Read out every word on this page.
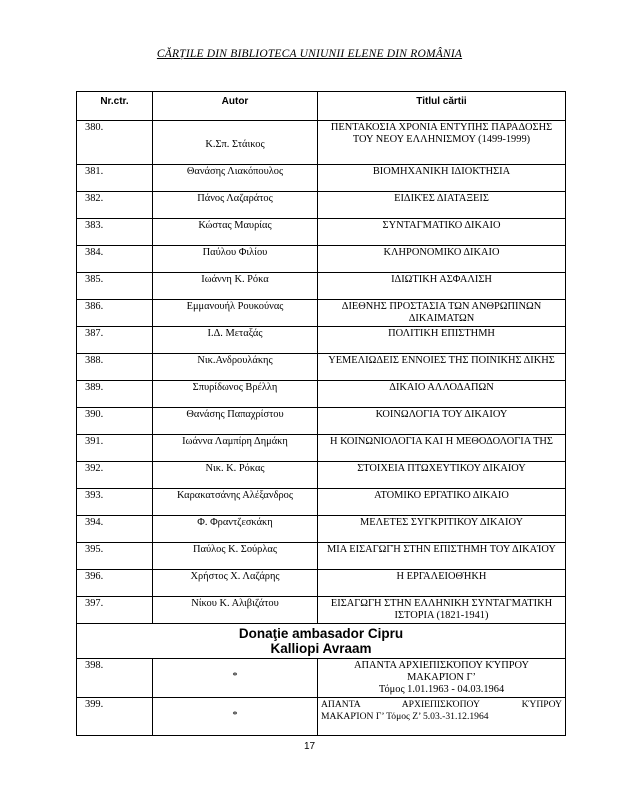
CĂRȚILE DIN BIBLIOTECA UNIUNII ELENE DIN ROMÂNIA
Nr.ctr.	Autor	Titlul cărtii
380.	Κ.Σπ. Στάικος	ΠΕΝΤΑΚΟΣΙΑ ΧΡΟΝΙΑ ΕΝΤΥΠΗΣ ΠΑΡΑΔΟΣΗΣ ΤΟΥ ΝΕΟΥ ΕΛΛΗΝΙΣΜΟΥ (1499-1999)
381.	Θανάσης Λιακόπουλος	ΒΙΟΜΗΧΑΝΙΚΗ ΙΔΙΟΚΤΗΣΙΑ
382.	Πάνος Λαζαράτος	ΕΙΔΙΚΈΣ ΔΙΑΤΑΞΕΙΣ
383.	Κώστας Μαυρίας	ΣΥΝΤΑΓΜΑΤΙΚΟ ΔΙΚΑΙΟ
384.	Παύλου Φιλίου	ΚΛΗΡΟΝΟΜΙΚΟ ΔΙΚΑΙΟ
385.	Ιωάννη Κ. Ρόκα	ΙΔΙΩΤΙΚΗ ΑΣΦΑΛΙΣΗ
386.	Εμμανουήλ Ρουκούνας	ΔΙΕΘΝΗΣ ΠΡΟΣΤΑΣΙΑ ΤΩΝ ΑΝΘΡΩΠΙΝΩΝ ΔΙΚΑΙΜΑΤΩΝ
387.	Ι.Δ. Μεταξάς	ΠΟΛΙΤΙΚΗ ΕΠΙΣΤΗΜΗ
388.	Νικ.Ανδρουλάκης	ΥΕΜΕΛΙΩΔΕΙΣ ΕΝΝΟΙΕΣ ΤΗΣ ΠΟΙΝΙΚΗΣ ΔΙΚΗΣ
389.	Σπυρίδωνος Βρέλλη	ΔΙΚΑΙΟ ΑΛΛΟΔΑΠΩΝ
390.	Θανάσης Παπαχρίστου	ΚΟΙΝΩΛΟΓΙΑ ΤΟΥ ΔΙΚΑΙΟΥ
391.	Ιωάννα Λαμπίρη Δημάκη	Η ΚΟΙΝΩΝΙΟΛΟΓΙΑ ΚΑΙ Η ΜΕΘΟΔΟΛΟΓΙΑ ΤΗΣ
392.	Νικ. Κ. Ρόκας	ΣΤΟΙΧΕΙΑ ΠΤΩΧΕΥΤΙΚΟΥ ΔΙΚΑΙΟΥ
393.	Καρακατσάνης Αλέξανδρος	ΑΤΟΜΙΚΟ ΕΡΓΑΤΙΚΟ ΔΙΚΑΙΟ
394.	Φ. Φραντζεσκάκη	ΜΕΛΕΤΕΣ ΣΥΓΚΡΙΤΙΚΟΥ ΔΙΚΑΙΟΥ
395.	Παύλος Κ. Σούρλας	ΜΙΑ ΕΙΣΑΓΩΓΉ ΣΤΗΝ ΕΠΙΣΤΗΜΗ ΤΟΥ ΔΙΚΑΊΟΥ
396.	Χρήστος Χ. Λαζάρης	Η ΕΡΓΑΛΕΙΟΘΉΚΗ
397.	Νίκου Κ. Αλιβιζάτου	ΕΙΣΑΓΩΓΗ ΣΤΗΝ ΕΛΛΗΝΙΚΗ ΣΥΝΤΑΓΜΑΤΙΚΗ ΙΣΤΟΡΙΑ (1821-1941)

Donaţie ambasador Cipru
Kalliopi Avraam		

398.	*	ΑΠΑΝΤΑ ΑΡΧΙΕΠΙΣΚΌΠΟΥ ΚΎΠΡΟΥ
ΜΑΚΑΡΊΟΝ Γ’
Τόμος 1.01.1963 - 04.03.1964

399.	*	ΑΠΑΝΤΑ ΑΡΧΙΕΠΙΣΚΌΠΟΥ ΚΎΠΡΟΥ
ΜΑΚΑΡΊΟΝ Γ’ Τόμος Ζ’ 5.03.-31.12.1964
17
